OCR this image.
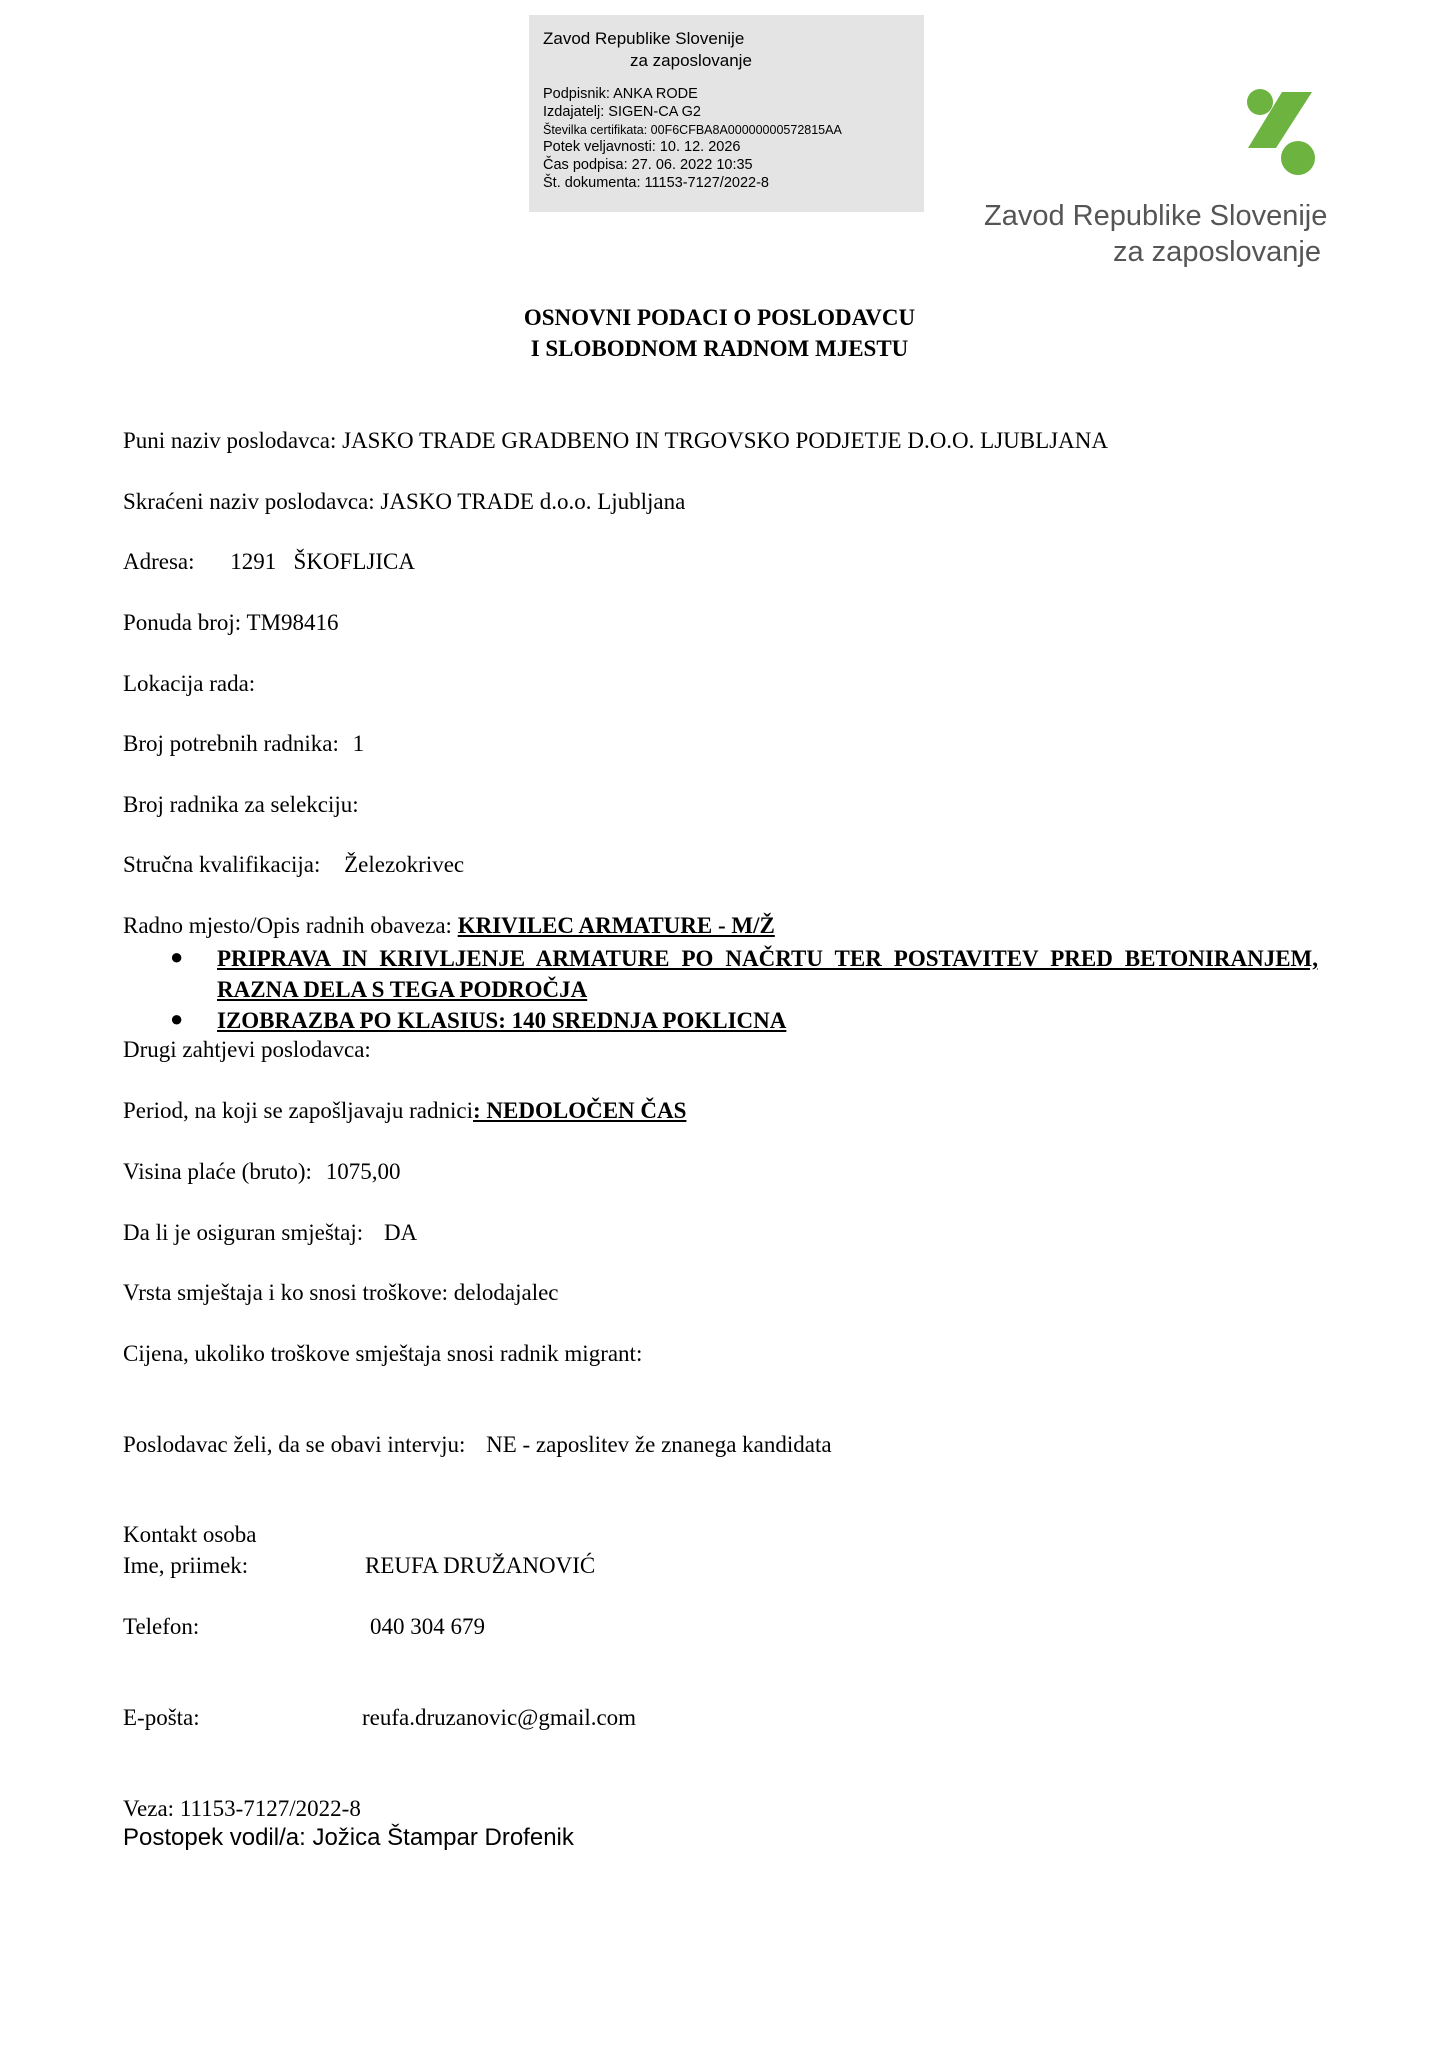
Zavod Republike Slovenije
za zaposlovanje
Podpisnik: ANKA RODE
Izdajatelj: SIGEN-CA G2
Številka certifikata: 00F6CFBA8A00000000572815AA
Potek veljavnosti: 10. 12. 2026
Čas podpisa: 27. 06. 2022 10:35
Št. dokumenta: 11153-7127/2022-8
Zavod Republike Slovenije
za zaposlovanje
OSNOVNI PODACI O POSLODAVCU
I SLOBODNOM RADNOM MJESTU
Puni naziv poslodavca: JASKO TRADE GRADBENO IN TRGOVSKO PODJETJE D.O.O. LJUBLJANA
Skraćeni naziv poslodavca: JASKO TRADE d.o.o. Ljubljana
Adresa: 1291   ŠKOFLJICA
Ponuda broj: TM98416
Lokacija rada:
Broj potrebnih radnika: 1
Broj radnika za selekciju:
Stručna kvalifikacija: Železokrivec
Radno mjesto/Opis radnih obaveza: KRIVILEC ARMATURE - M/Ž
● PRIPRAVA IN KRIVLJENJE ARMATURE PO NAČRTU TER POSTAVITEV PRED BETONIRANJEM, RAZNA DELA S TEGA PODROČJA
● IZOBRAZBA PO KLASIUS: 140 SREDNJA POKLICNA
Drugi zahtjevi poslodavca:
Period, na koji se zapošljavaju radnici: NEDOLOČEN ČAS
Visina plaće (bruto): 1075,00
Da li je osiguran smještaj: DA
Vrsta smještaja i ko snosi troškove: delodajalec
Cijena, ukoliko troškove smještaja snosi radnik migrant:
Poslodavac želi, da se obavi intervju: NE - zaposlitev že znanega kandidata
Kontakt osoba
Ime, priimek:	REUFA DRUŽANOVIĆ
Telefon:	040 304 679
E-pošta:	reufa.druzanovic@gmail.com
Veza: 11153-7127/2022-8
Postopek vodil/a: Jožica Štampar Drofenik
